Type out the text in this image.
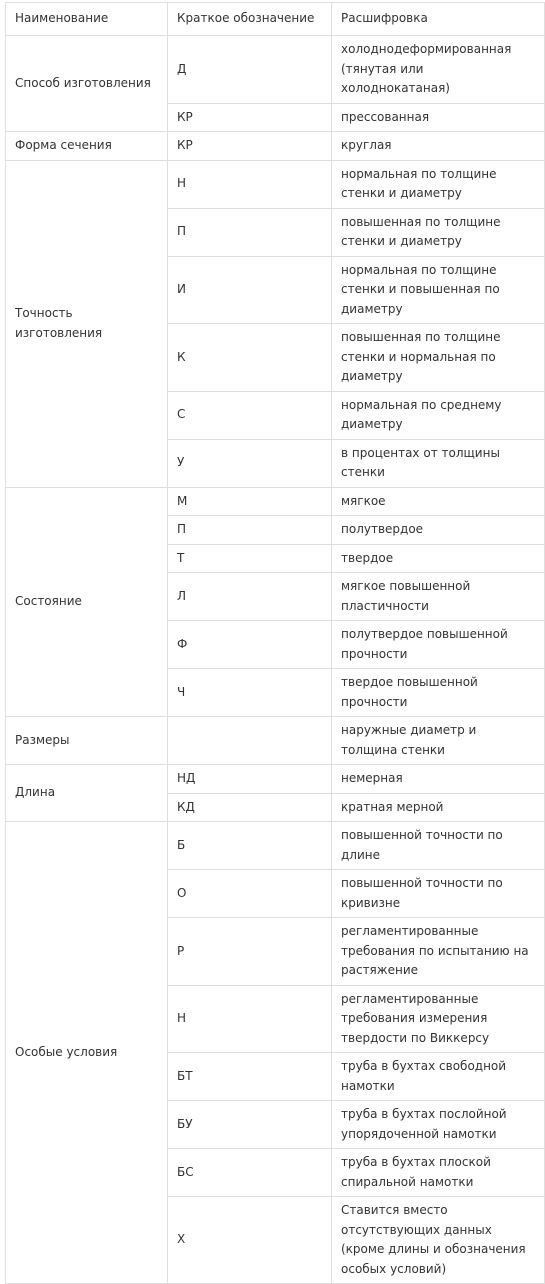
Наименование	Краткое обозначение	Расшифровка
Способ изготовления	Д	холоднодеформированная (тянутая или холоднокатаная)
	КР	прессованная
Форма сечения	КР	круглая
Точность изготовления	Н	нормальная по толщине стенки и диаметру
	П	повышенная по толщине стенки и диаметру
	И	нормальная по толщине стенки и повышенная по диаметру
	К	повышенная по толщине стенки и нормальная по диаметру
	С	нормальная по среднему диаметру
	У	в процентах от толщины стенки
Состояние	М	мягкое
	П	полутвердое
	Т	твердое
	Л	мягкое повышенной пластичности
	Ф	полутвердое повышенной прочности
	Ч	твердое повышенной прочности
Размеры		наружные диаметр и толщина стенки
Длина	НД	немерная
	КД	кратная мерной
Особые условия	Б	повышенной точности по длине
	О	повышенной точности по кривизне
	Р	регламентированные требования по испытанию на растяжение
	Н	регламентированные требования измерения твердости по Виккерсу
	БТ	труба в бухтах свободной намотки
	БУ	труба в бухтах послойной упорядоченной намотки
	БС	труба в бухтах плоской спиральной намотки
	Х	Ставится вместо отсутствующих данных (кроме длины и обозначения особых условий)
